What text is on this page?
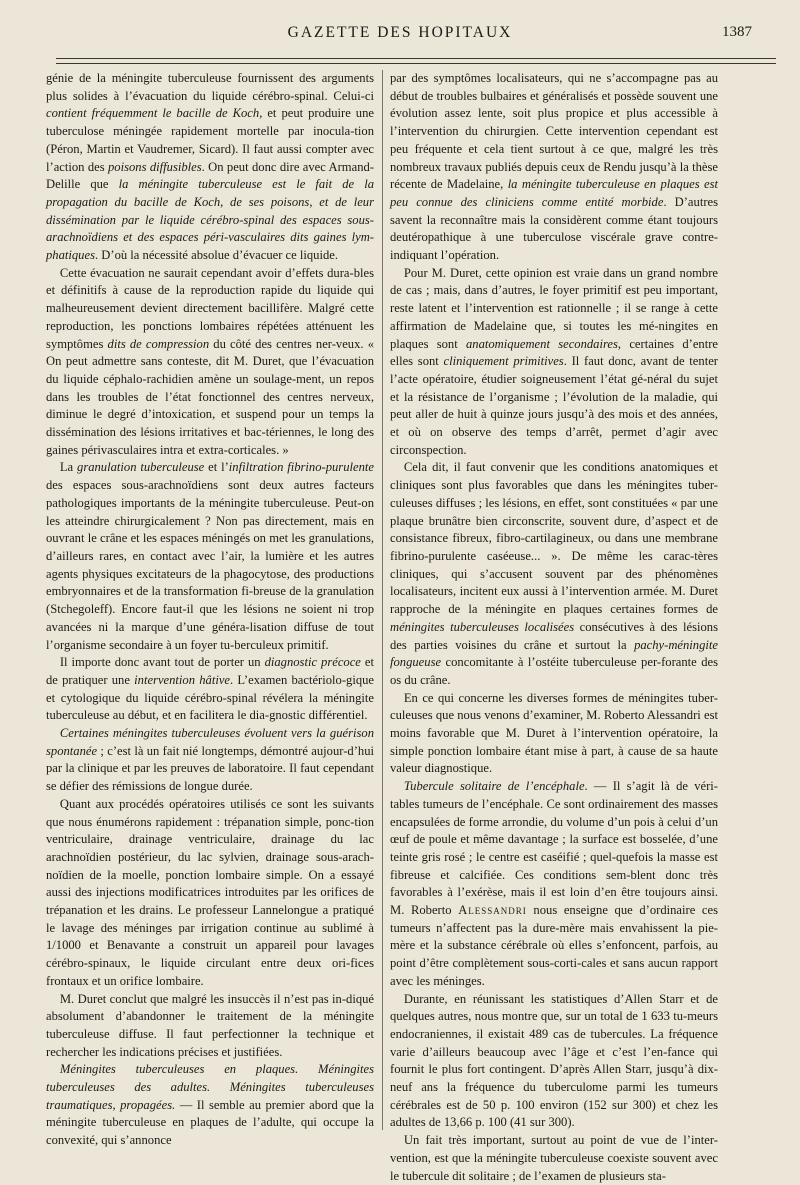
GAZETTE DES HOPITAUX	1387

génie de la méningite tuberculeuse fournissent des arguments plus solides à l’évacuation du liquide cérébro-spinal. Celui-ci contient fréquemment le bacille de Koch, et peut produire une tuberculose méningée rapidement mortelle par inocula-tion (Péron, Martin et Vaudremer, Sicard). Il faut aussi compter avec l’action des poisons diffusibles. On peut donc dire avec Armand-Delille que la méningite tuberculeuse est le fait de la propagation du bacille de Koch, de ses poisons, et de leur dissémination par le liquide cérébro-spinal des espaces sous-arachnoïdiens et des espaces péri-vasculaires dits gaines lym-phatiques. D’où la nécessité absolue d’évacuer ce liquide.

Cette évacuation ne saurait cependant avoir d’effets dura-bles et définitifs à cause de la reproduction rapide du liquide qui malheureusement devient directement bacillifère. Malgré cette reproduction, les ponctions lombaires répétées atténuent les symptômes dits de compression du côté des centres ner-veux. « On peut admettre sans conteste, dit M. Duret, que l’évacuation du liquide céphalo-rachidien amène un soulage-ment, un repos dans les troubles de l’état fonctionnel des centres nerveux, diminue le degré d’intoxication, et suspend pour un temps la dissémination des lésions irritatives et bac-tériennes, le long des gaines périvasculaires intra et extra-corticales. »

La granulation tuberculeuse et l’infiltration fibrino-purulente des espaces sous-arachnoïdiens sont deux autres facteurs pathologiques importants de la méningite tuberculeuse. Peut-on les atteindre chirurgicalement ? Non pas directement, mais en ouvrant le crâne et les espaces méningés on met les granulations, d’ailleurs rares, en contact avec l’air, la lumière et les autres agents physiques excitateurs de la phagocytose, des productions embryonnaires et de la transformation fi-breuse de la granulation (Stchegoleff). Encore faut-il que les lésions ne soient ni trop avancées ni la marque d’une généra-lisation diffuse de tout l’organisme secondaire à un foyer tu-berculeux primitif.

Il importe donc avant tout de porter un diagnostic précoce et de pratiquer une intervention hâtive. L’examen bactériolo-gique et cytologique du liquide cérébro-spinal révélera la méningite tuberculeuse au début, et en facilitera le dia-gnostic différentiel.

Certaines méningites tuberculeuses évoluent vers la guérison spontanée ; c’est là un fait nié longtemps, démontré aujour-d’hui par la clinique et par les preuves de laboratoire. Il faut cependant se défier des rémissions de longue durée.

Quant aux procédés opératoires utilisés ce sont les suivants que nous énumérons rapidement : trépanation simple, ponc-tion ventriculaire, drainage ventriculaire, drainage du lac arachnoïdien postérieur, du lac sylvien, drainage sous-arach-noïdien de la moelle, ponction lombaire simple. On a essayé aussi des injections modificatrices introduites par les orifices de trépanation et les drains. Le professeur Lannelongue a pratiqué le lavage des méninges par irrigation continue au sublimé à 1/1000 et Benavante a construit un appareil pour lavages cérébro-spinaux, le liquide circulant entre deux ori-fices frontaux et un orifice lombaire.

M. Duret conclut que malgré les insuccès il n’est pas in-diqué absolument d’abandonner le traitement de la méningite tuberculeuse diffuse. Il faut perfectionner la technique et rechercher les indications précises et justifiées.

Méningites tuberculeuses en plaques. Méningites tuberculeuses des adultes. Méningites tuberculeuses traumatiques, propagées. — Il semble au premier abord que la méningite tuberculeuse en plaques de l’adulte, qui occupe la convexité, qui s’annonce

par des symptômes localisateurs, qui ne s’accompagne pas au début de troubles bulbaires et généralisés et possède souvent une évolution assez lente, soit plus propice et plus accessible à l’intervention du chirurgien. Cette intervention cependant est peu fréquente et cela tient surtout à ce que, malgré les très nombreux travaux publiés depuis ceux de Rendu jusqu’à la thèse récente de Madelaine, la méningite tuberculeuse en plaques est peu connue des cliniciens comme entité morbide. D’autres savent la reconnaître mais la considèrent comme étant toujours deutéropathique à une tuberculose viscérale grave contre-indiquant l’opération.

Pour M. Duret, cette opinion est vraie dans un grand nombre de cas ; mais, dans d’autres, le foyer primitif est peu important, reste latent et l’intervention est rationnelle ; il se range à cette affirmation de Madelaine que, si toutes les mé-ningites en plaques sont anatomiquement secondaires, certaines d’entre elles sont cliniquement primitives. Il faut donc, avant de tenter l’acte opératoire, étudier soigneusement l’état gé-néral du sujet et la résistance de l’organisme ; l’évolution de la maladie, qui peut aller de huit à quinze jours jusqu’à des mois et des années, et où on observe des temps d’arrêt, permet d’agir avec circonspection.

Cela dit, il faut convenir que les conditions anatomiques et cliniques sont plus favorables que dans les méningites tuber-culeuses diffuses ; les lésions, en effet, sont constituées « par une plaque brunâtre bien circonscrite, souvent dure, d’aspect et de consistance fibreux, fibro-cartilagineux, ou dans une membrane fibrino-purulente caséeuse... ». De même les carac-tères cliniques, qui s’accusent souvent par des phénomènes localisateurs, incitent eux aussi à l’intervention armée. M. Duret rapproche de la méningite en plaques certaines formes de méningites tuberculeuses localisées consécutives à des lésions des parties voisines du crâne et surtout la pachy-méningite fongueuse concomitante à l’ostéite tuberculeuse per-forante des os du crâne.

En ce qui concerne les diverses formes de méningites tuber-culeuses que nous venons d’examiner, M. Roberto Alessandri est moins favorable que M. Duret à l’intervention opératoire, la simple ponction lombaire étant mise à part, à cause de sa haute valeur diagnostique.

Tubercule solitaire de l’encéphale. — Il s’agit là de véri-tables tumeurs de l’encéphale. Ce sont ordinairement des masses encapsulées de forme arrondie, du volume d’un pois à celui d’un œuf de poule et même davantage ; la surface est bosselée, d’une teinte gris rosé ; le centre est caséifié ; quel-quefois la masse est fibreuse et calcifiée. Ces conditions sem-blent donc très favorables à l’exérèse, mais il est loin d’en être toujours ainsi. M. Roberto Alessandri nous enseigne que d’ordinaire ces tumeurs n’affectent pas la dure-mère mais envahissent la pie-mère et la substance cérébrale où elles s’enfoncent, parfois, au point d’être complètement sous-corti-cales et sans aucun rapport avec les méninges.

Durante, en réunissant les statistiques d’Allen Starr et de quelques autres, nous montre que, sur un total de 1 633 tu-meurs endocraniennes, il existait 489 cas de tubercules. La fréquence varie d’ailleurs beaucoup avec l’âge et c’est l’en-fance qui fournit le plus fort contingent. D’après Allen Starr, jusqu’à dix-neuf ans la fréquence du tuberculome parmi les tumeurs cérébrales est de 50 p. 100 environ (152 sur 300) et chez les adultes de 13,66 p. 100 (41 sur 300).

Un fait très important, surtout au point de vue de l’inter-vention, est que la méningite tuberculeuse coexiste souvent avec le tubercule dit solitaire ; de l’examen de plusieurs sta-
